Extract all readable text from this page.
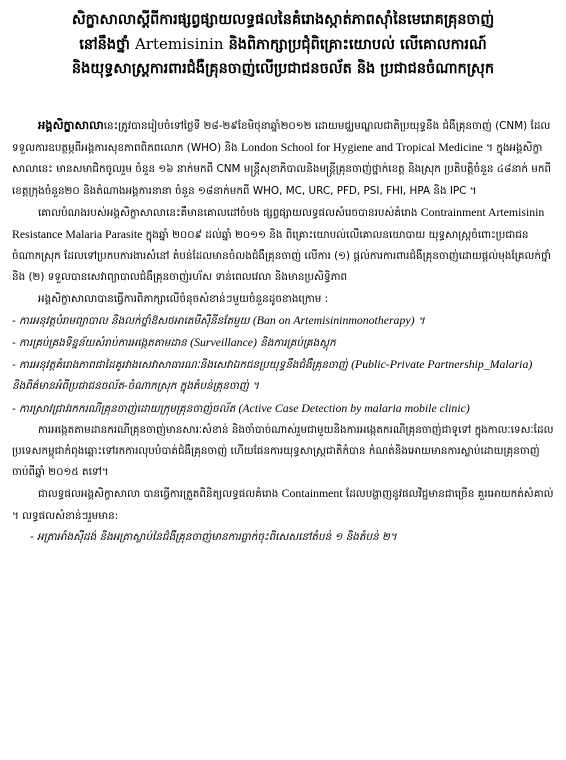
សិក្ខាសាលាស្ដីពីការផ្សព្វផ្សាយលទ្ធផលនៃគំរោងស្កាត់ភាពសុាំនៃមេរោគគ្រុនចាញ់
នៅនឹងថ្នាំ Artemisinin និងពិភាក្សាប្រជុំពិគ្រោះយោបល់ លើគោលការណ៍
និងយុទ្ធសាស្ត្រការពារជំងឺគ្រុនចាញ់លើប្រជាជនចល័ត និង ប្រជាជនចំណាកស្រុក

អង្គសិក្ខាសាលានេះត្រូវបានរៀបចំទៅថ្ងៃទី ២៨-២៩ខែមិថុនាឆ្នាំ២០១២ ដោយមជ្ឈមណ្ឌលជាតិប្រយុទ្ធនឹង ជំងឺគ្រុនចាញ់ (CNM) ដែលទទួលការឧបត្ថម្ភពីអង្គការសុខភាពពិភពលោក (WHO) និង London School for Hygiene and Tropical Medicine ។ ក្នុងអង្គសិក្ខាសាលានេះ មានសមាជិកចូលរួម ចំនួន ១៦ នាក់មកពី CNM មន្ត្រីសុខាភិបាលនិងមន្ត្រីគ្រុនចាញ់ថ្នាក់ខេត្ត និងស្រុក ប្រតិបត្តិចំនួន ៤៨នាក់ មកពីខេត្តក្រុងចំនួន២០ និងតំណាងអង្គការនានា ចំនួន ១៨នាក់មកពី WHO, MC, URC, PFD, PSI, FHI, HPA និង IPC ។

គោលបំណងរបស់អង្គសិក្ខាសាលានេះគឺមានគោលដៅចំបង ផ្សព្វផ្សាយលទ្ធផលសំរេចបានរបស់គំរោង Contrainment Artemisinin Resistance Malaria Parasite ក្នុងឆ្នាំ ២០០៩ ដល់ឆ្នាំ ២០១១ និង ពិគ្រោះយោបល់លើគោលនយោបាយ យុទ្ធសាស្ត្រចំពោះប្រជាជនចំណាកស្រុក ដែលទៅប្រកបការងារសំនៅ តំបន់ដែលមានចំលងជំងឺគ្រុនចាញ់ លើការ (១) ផ្ដល់ការការពារជំងឺគ្រុនចាញ់ដោយផ្ដល់មុងគ្រែលក់ថ្នាំ និង (២) ទទួលបានសេវាព្យាបាលជំងឺគ្រុនចាញ់រហ័ស ទាន់ពេលវេលា និងមានប្រសិទ្ធិភាព

អង្គសិក្ខាសាលាបានធ្វើការពិភាក្សាលើចំនុចសំខាន់ៗមួយចំនួនដូចខាងក្រោម :

- ការអនុវត្តបំរាមព្យាបាល និងលក់ថ្នាំឱសថអាតេមីស៊ីនីនតែមួយ (Ban on Artemisininmonotherapy) ។

- ការគ្រប់គ្រងទិន្នន័យសំរាប់ការអង្កេតតាមដាន (Surveillance) និងការគ្រប់គ្រងស្តុក

- ការអនុវត្តគំរោងភាពជាដៃគូរវាងសេវាសាធារណៈនិងសេវាឯកជនប្រយុទ្ធនឹងជំងឺគ្រុនចាញ់ (Public-Private Partnership_Malaria) និងពិគ៌មានអំពីប្រជាជនចល័ត-ចំណាកស្រុក ក្នុងតំបន់គ្រុនចាញ់ ។

- ការស្រាវជ្រាវរកករណីគ្រុនចាញ់ដោយក្រុមគ្រុនចាញ់ចល័ត (Active Case Detection by malaria mobile clinic)

ការអង្កេតតាមដានករណីគ្រុនចាញ់មានសារៈសំខាន់ និងចាំបាច់ណាស់រួមជាមួយនិងការអង្កេតករណីគ្រុនចាញ់ជាទូទៅ ក្នុងកាលៈទេសៈដែលប្រទេសកម្ពុជាកំពុងឆ្ពោះទៅរកការលុបបំបាត់ជំងឺគ្រុនចាញ់ ហើយផែនការយុទ្ធសាស្ត្រជាតិកំបាន កំណត់និងអោយមានការស្លាប់ដោយគ្រុនចាញ់ចាប់ពីឆ្នាំ ២០១៥ តទៅ។

ជាលទ្ធផលអង្គសិក្ខាសាលា បានធ្វើការត្រួតពិនិត្យលទ្ធផលគំរោង Containment ដែលបង្ហាញនូវផលវិជ្ជមានជាច្រើន គួរអោយកត់សំគាល់ ។ លទ្ធផលសំខាន់ៗរួមមាន:

- អត្រាអាំងស៊ីដង់ និងអត្រាស្លាប់នៃជំងឺគ្រុនចាញ់មានការធ្លាក់ចុះពិសេសនៅតំបន់ ១ និងតំបន់ ២។
